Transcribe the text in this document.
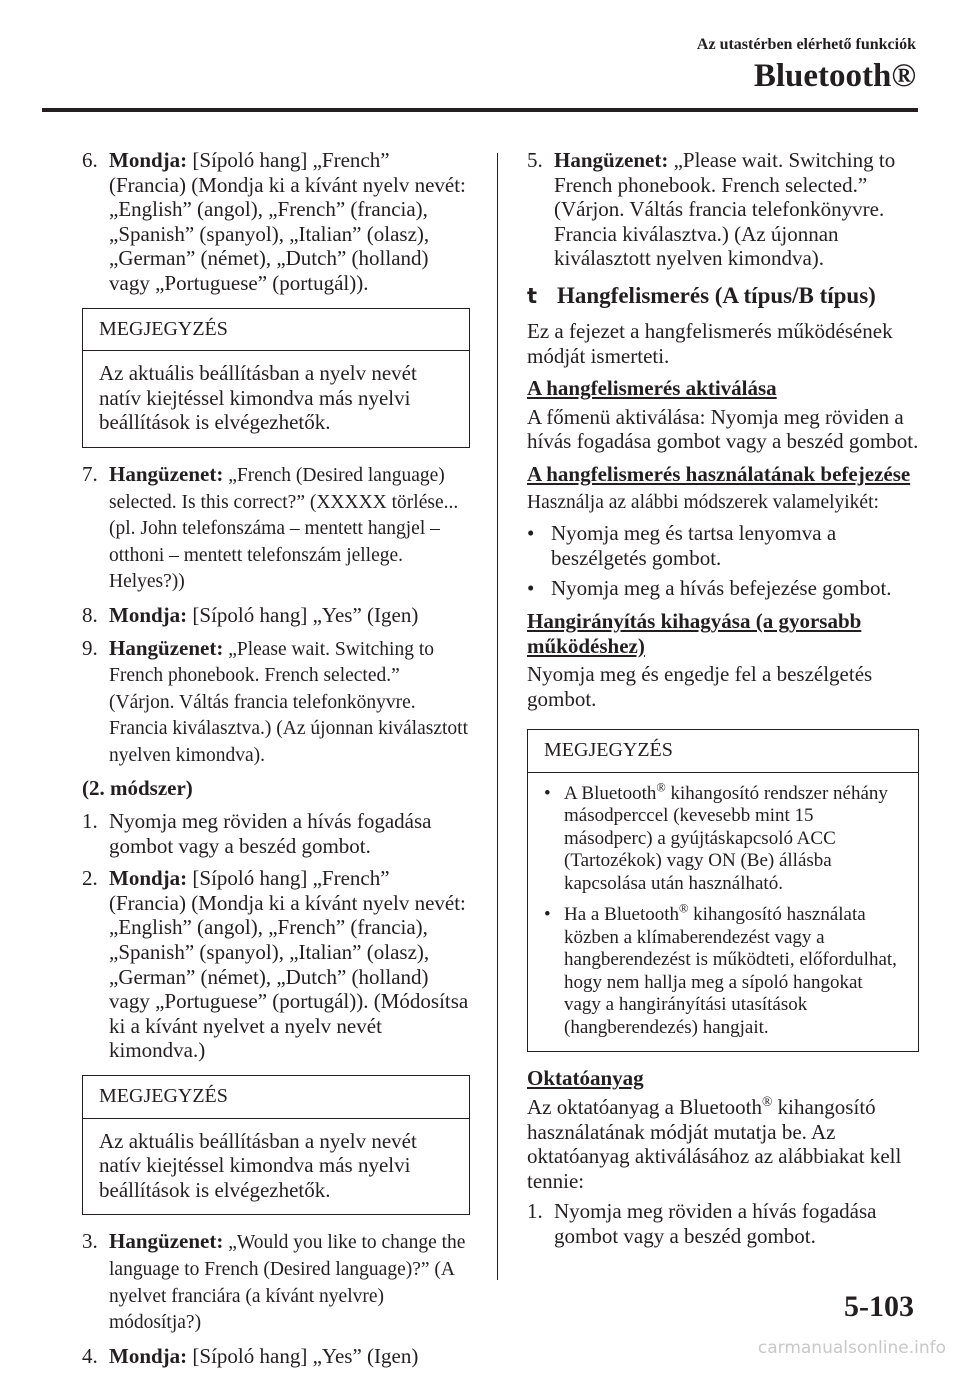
Az utastérben elérhető funkciók
Bluetooth®
6. Mondja: [Sípoló hang] „French” (Francia) (Mondja ki a kívánt nyelv nevét: „English” (angol), „French” (francia), „Spanish” (spanyol), „Italian” (olasz), „German” (német), „Dutch” (holland) vagy „Portuguese” (portugál)).
MEGJEGYZÉS
Az aktuális beállításban a nyelv nevét natív kiejtéssel kimondva más nyelvi beállítások is elvégezhetők.
7. Hangüzenet: „French (Desired language) selected. Is this correct?” (XXXXX törlése... (pl. John telefonszáma – mentett hangjel – otthoni – mentett telefonszám jellege. Helyes?))
8. Mondja: [Sípoló hang] „Yes” (Igen)
9. Hangüzenet: „Please wait. Switching to French phonebook. French selected.” (Várjon. Váltás francia telefonkönyvre. Francia kiválasztva.) (Az újonnan kiválasztott nyelven kimondva).
(2. módszer)
1. Nyomja meg röviden a hívás fogadása gombot vagy a beszéd gombot.
2. Mondja: [Sípoló hang] „French” (Francia) (Mondja ki a kívánt nyelv nevét: „English” (angol), „French” (francia), „Spanish” (spanyol), „Italian” (olasz), „German” (német), „Dutch” (holland) vagy „Portuguese” (portugál)). (Módosítsa ki a kívánt nyelvet a nyelv nevét kimondva.)
MEGJEGYZÉS
Az aktuális beállításban a nyelv nevét natív kiejtéssel kimondva más nyelvi beállítások is elvégezhetők.
3. Hangüzenet: „Would you like to change the language to French (Desired language)?” (A nyelvet franciára (a kívánt nyelvre) módosítja?)
4. Mondja: [Sípoló hang] „Yes” (Igen)
5. Hangüzenet: „Please wait. Switching to French phonebook. French selected.” (Várjon. Váltás francia telefonkönyvre. Francia kiválasztva.) (Az újonnan kiválasztott nyelven kimondva).
t Hangfelismerés (A típus/B típus)

Ez a fejezet a hangfelismerés működésének módját ismerteti.

A hangfelismerés aktiválása

A főmenü aktiválása: Nyomja meg röviden a hívás fogadása gombot vagy a beszéd gombot.

A hangfelismerés használatának befejezése

Használja az alábbi módszerek valamelyikét:

• Nyomja meg és tartsa lenyomva a beszélgetés gombot.
• Nyomja meg a hívás befejezése gombot.
Hangirányítás kihagyása (a gyorsabb működéshez)

Nyomja meg és engedje fel a beszélgetés gombot.

MEGJEGYZÉS
• A Bluetooth® kihangosító rendszer néhány másodperccel (kevesebb mint 15 másodperc) a gyújtáskapcsoló ACC (Tartozékok) vagy ON (Be) állásba kapcsolása után használható.
• Ha a Bluetooth® kihangosító használata közben a klímaberendezést vagy a hangberendezést is működteti, előfordulhat, hogy nem hallja meg a sípoló hangokat vagy a hangirányítási utasítások (hangberendezés) hangjait.
Oktatóanyag

Az oktatóanyag a Bluetooth® kihangosító használatának módját mutatja be. Az oktatóanyag aktiválásához az alábbiakat kell tennie:

1. Nyomja meg röviden a hívás fogadása gombot vagy a beszéd gombot.
5-103
carmanualsonline.info
